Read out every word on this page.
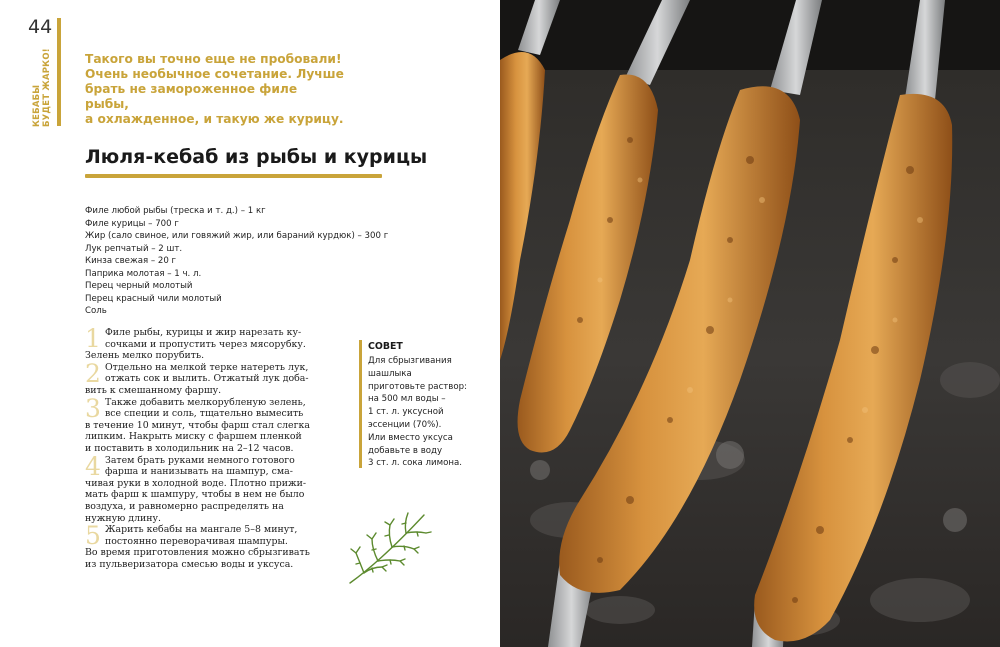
44
КЕБАБЫ БУДЕТ ЖАРКО!	Такого вы точно еще не пробовали!
Очень необычное сочетание. Лучше
брать не замороженное филе рыбы,
а охлажденное, и такую же курицу.
Люля-кебаб из рыбы и курицы
Филе любой рыбы (треска и т. д.) – 1 кг
Филе курицы – 700 г
Жир (сало свиное, или говяжий жир, или бараний курдюк) – 300 г
Лук репчатый – 2 шт.
Кинза свежая – 20 г
Паприка молотая – 1 ч. л.
Перец черный молотый
Перец красный чили молотый
Соль
1 Филе рыбы, курицы и жир нарезать ку-
сочками и пропустить через мясорубку.
Зелень мелко порубить.
2 Отдельно на мелкой терке натереть лук,
отжать сок и вылить. Отжатый лук доба-
вить к смешанному фаршу.
3 Также добавить мелкорубленую зелень,
все специи и соль, тщательно вымесить
в течение 10 минут, чтобы фарш стал слегка
липким. Накрыть миску с фаршем пленкой
и поставить в холодильник на 2–12 часов.
4 Затем брать руками немного готового
фарша и нанизывать на шампур, сма-
чивая руки в холодной воде. Плотно прижи-
мать фарш к шампуру, чтобы в нем не было
воздуха, и равномерно распределять на
нужную длину.
5 Жарить кебабы на мангале 5–8 минут,
постоянно переворачивая шампуры.
Во время приготовления можно сбрызгивать
из пульверизатора смесью воды и уксуса.
СОВЕТ
Для сбрызгивания
шашлыка
приготовьте раствор:
на 500 мл воды –
1 ст. л. уксусной
эссенции (70%).
Или вместо уксуса
добавьте в воду
3 ст. л. сока лимона.
